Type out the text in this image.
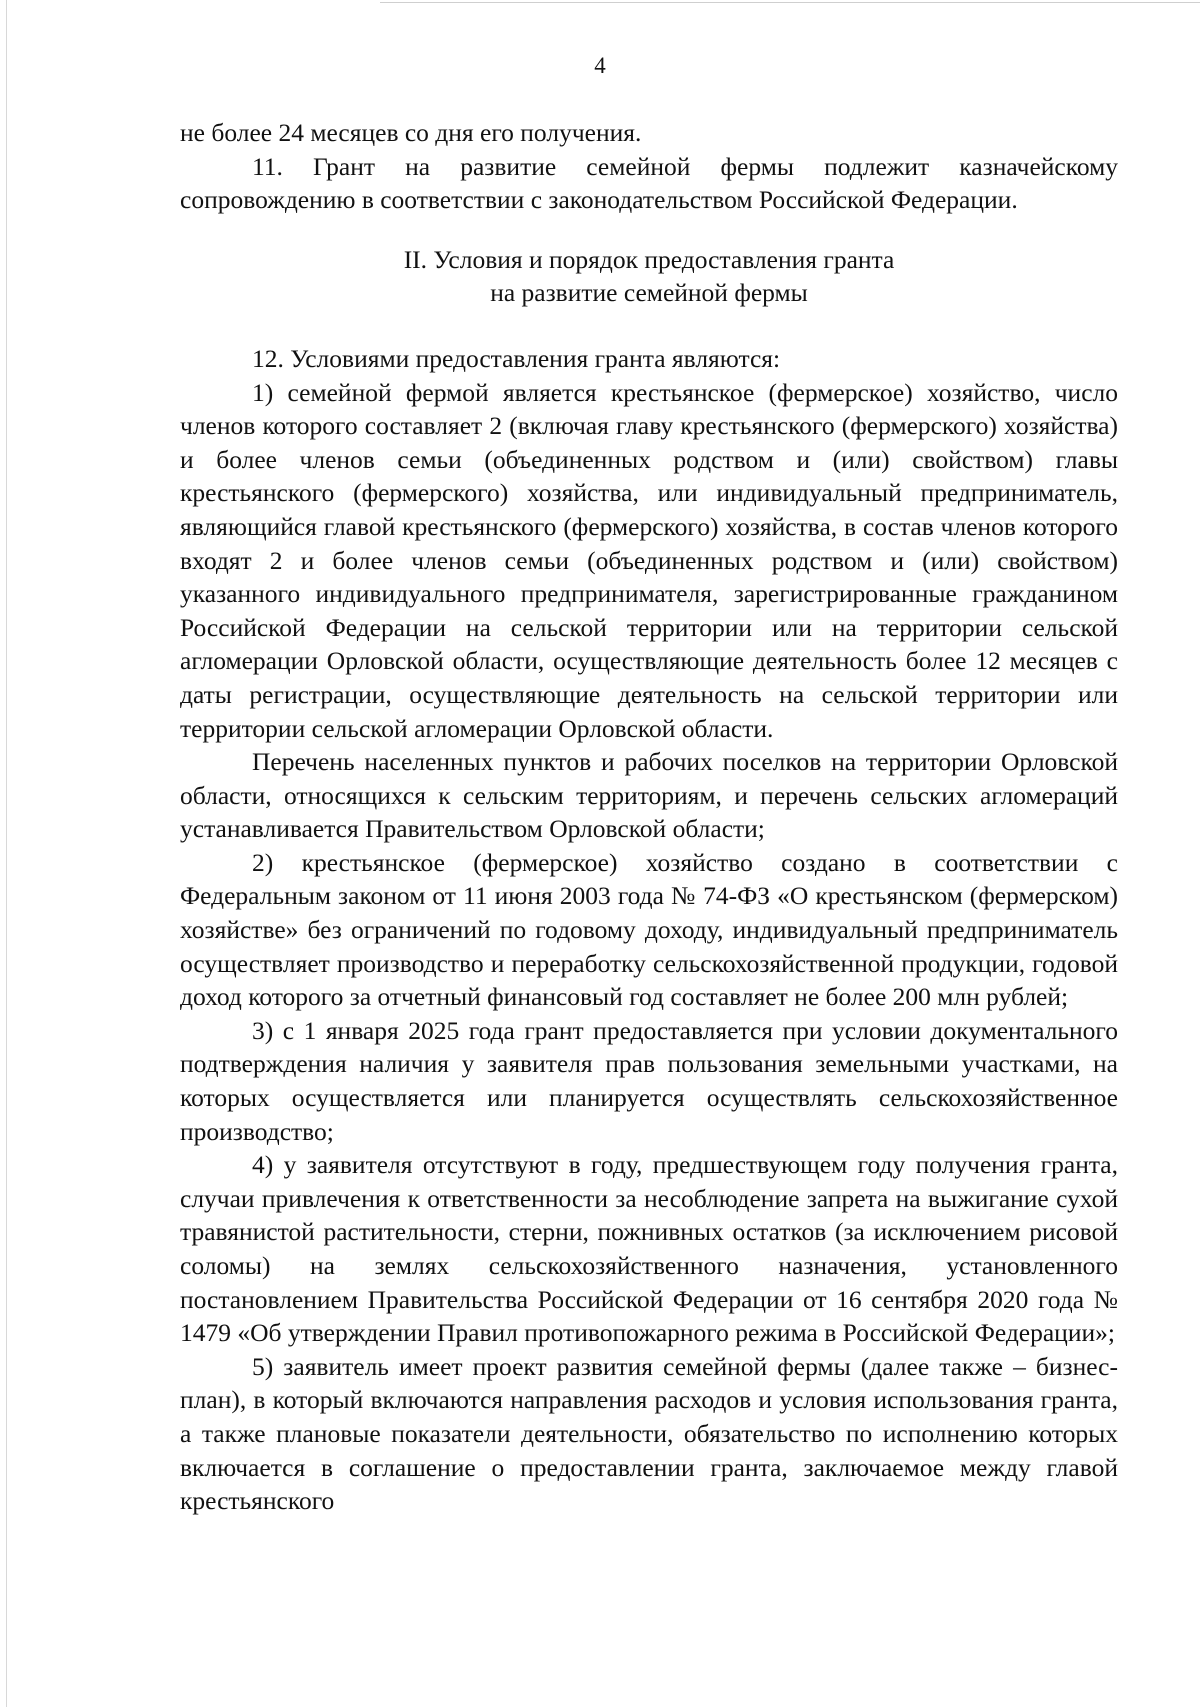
4

не более 24 месяцев со дня его получения.

11. Грант на развитие семейной фермы подлежит казначейскому сопровождению в соответствии с законодательством Российской Федерации.

II. Условия и порядок предоставления гранта
на развитие семейной фермы

12. Условиями предоставления гранта являются:

1) семейной фермой является крестьянское (фермерское) хозяйство, число членов которого составляет 2 (включая главу крестьянского (фермерского) хозяйства) и более членов семьи (объединенных родством и (или) свойством) главы крестьянского (фермерского) хозяйства, или индивидуальный предприниматель, являющийся главой крестьянского (фермерского) хозяйства, в состав членов которого входят 2 и более членов семьи (объединенных родством и (или) свойством) указанного индивидуального предпринимателя, зарегистрированные гражданином Российской Федерации на сельской территории или на территории сельской агломерации Орловской области, осуществляющие деятельность более 12 месяцев с даты регистрации, осуществляющие деятельность на сельской территории или территории сельской агломерации Орловской области.

Перечень населенных пунктов и рабочих поселков на территории Орловской области, относящихся к сельским территориям, и перечень сельских агломераций устанавливается Правительством Орловской области;

2) крестьянское (фермерское) хозяйство создано в соответствии с Федеральным законом от 11 июня 2003 года № 74-ФЗ «О крестьянском (фермерском) хозяйстве» без ограничений по годовому доходу, индивидуальный предприниматель осуществляет производство и переработку сельскохозяйственной продукции, годовой доход которого за отчетный финансовый год составляет не более 200 млн рублей;

3) с 1 января 2025 года грант предоставляется при условии документального подтверждения наличия у заявителя прав пользования земельными участками, на которых осуществляется или планируется осуществлять сельскохозяйственное производство;

4) у заявителя отсутствуют в году, предшествующем году получения гранта, случаи привлечения к ответственности за несоблюдение запрета на выжигание сухой травянистой растительности, стерни, пожнивных остатков (за исключением рисовой соломы) на землях сельскохозяйственного назначения, установленного постановлением Правительства Российской Федерации от 16 сентября 2020 года № 1479 «Об утверждении Правил противопожарного режима в Российской Федерации»;

5) заявитель имеет проект развития семейной фермы (далее также – бизнес-план), в который включаются направления расходов и условия использования гранта, а также плановые показатели деятельности, обязательство по исполнению которых включается в соглашение о предоставлении гранта, заключаемое между главой крестьянского
